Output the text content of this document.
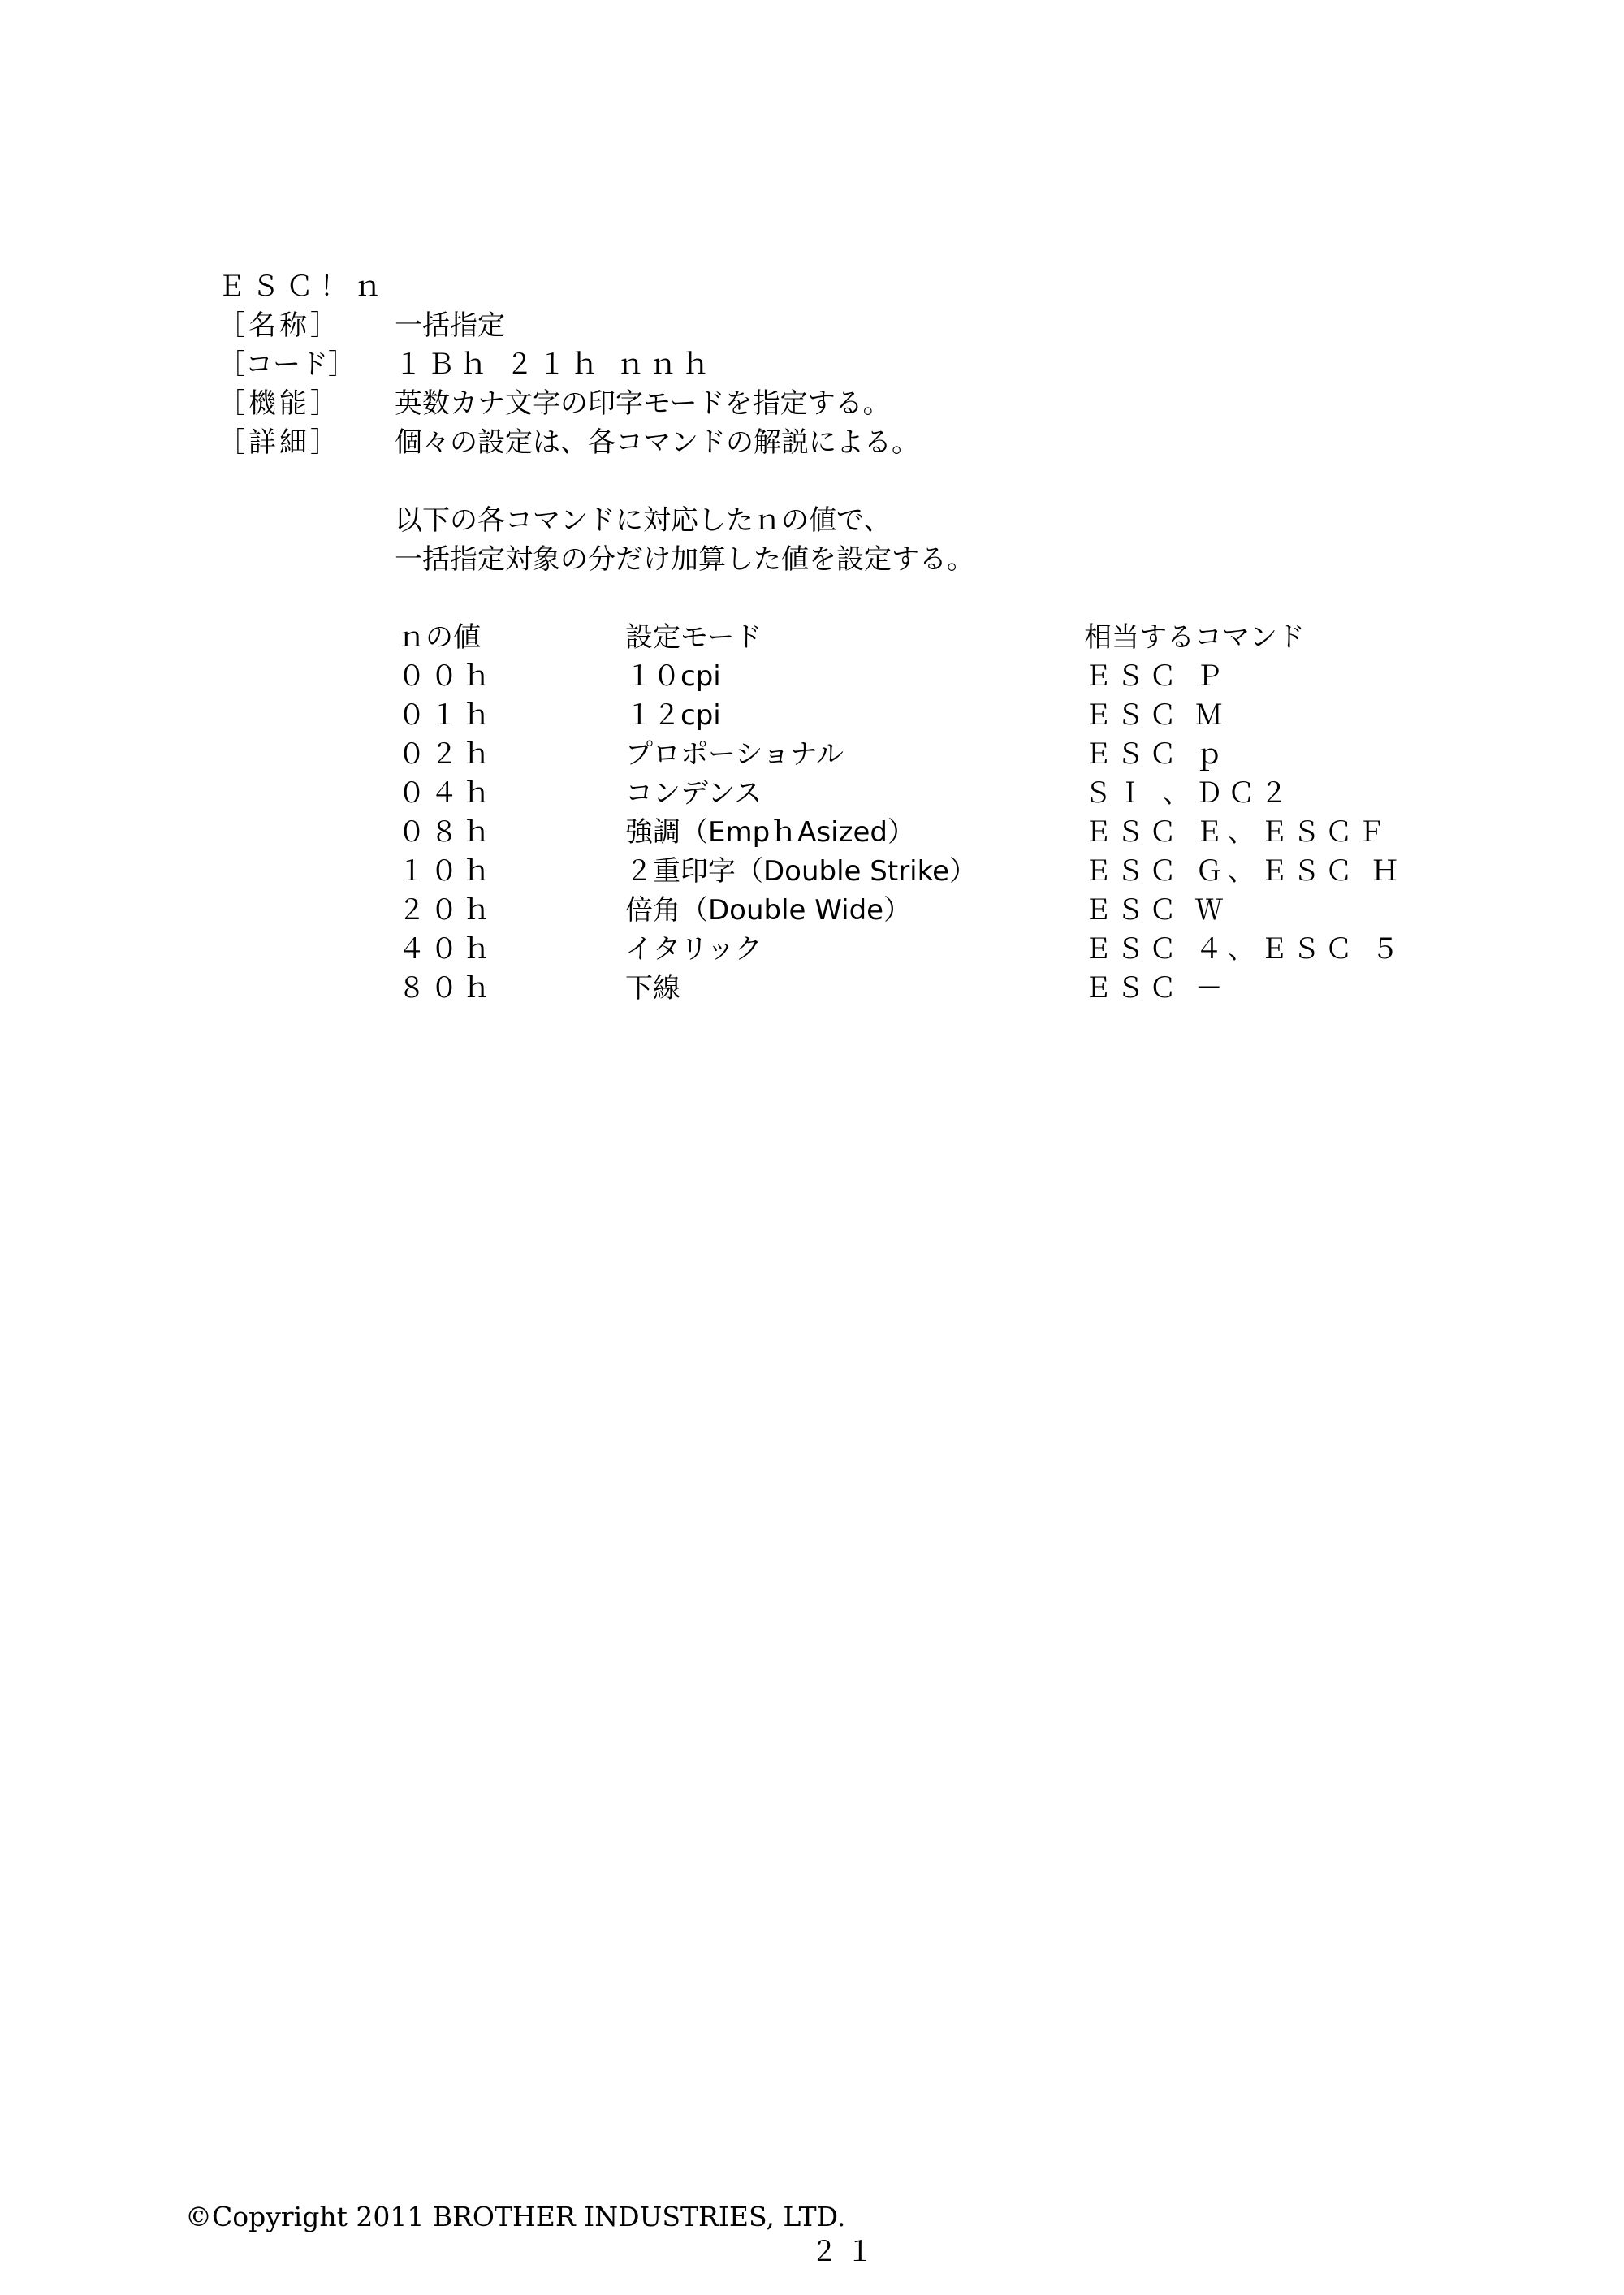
ＥＳＣ！ｎ
［名称］ 一括指定
［コード］ １Ｂｈ ２１ｈ ｎｎｈ
［機能］ 英数カナ文字の印字モードを指定する。
［詳細］ 個々の設定は、各コマンドの解説による。
以下の各コマンドに対応したｎの値で、
一括指定対象の分だけ加算した値を設定する。
ｎの値	設定モード	相当するコマンド
００ｈ	１０cpi	ＥＳＣ Ｐ
０１ｈ	１２cpi	ＥＳＣ Ｍ
０２ｈ	プロポーショナル	ＥＳＣ ｐ
０４ｈ	コンデンス	ＳＩ 、ＤＣ２
０８ｈ	強調（EmpｈAsized）	ＥＳＣ Ｅ、ＥＳＣＦ
１０ｈ	２重印字（Double Strike）	ＥＳＣ Ｇ、ＥＳＣ Ｈ
２０ｈ	倍角（Double Wide）	ＥＳＣ Ｗ
４０ｈ	イタリック	ＥＳＣ ４、ＥＳＣ ５
８０ｈ	下線	ＥＳＣ －
©Copyright 2011 BROTHER INDUSTRIES, LTD.
２１
